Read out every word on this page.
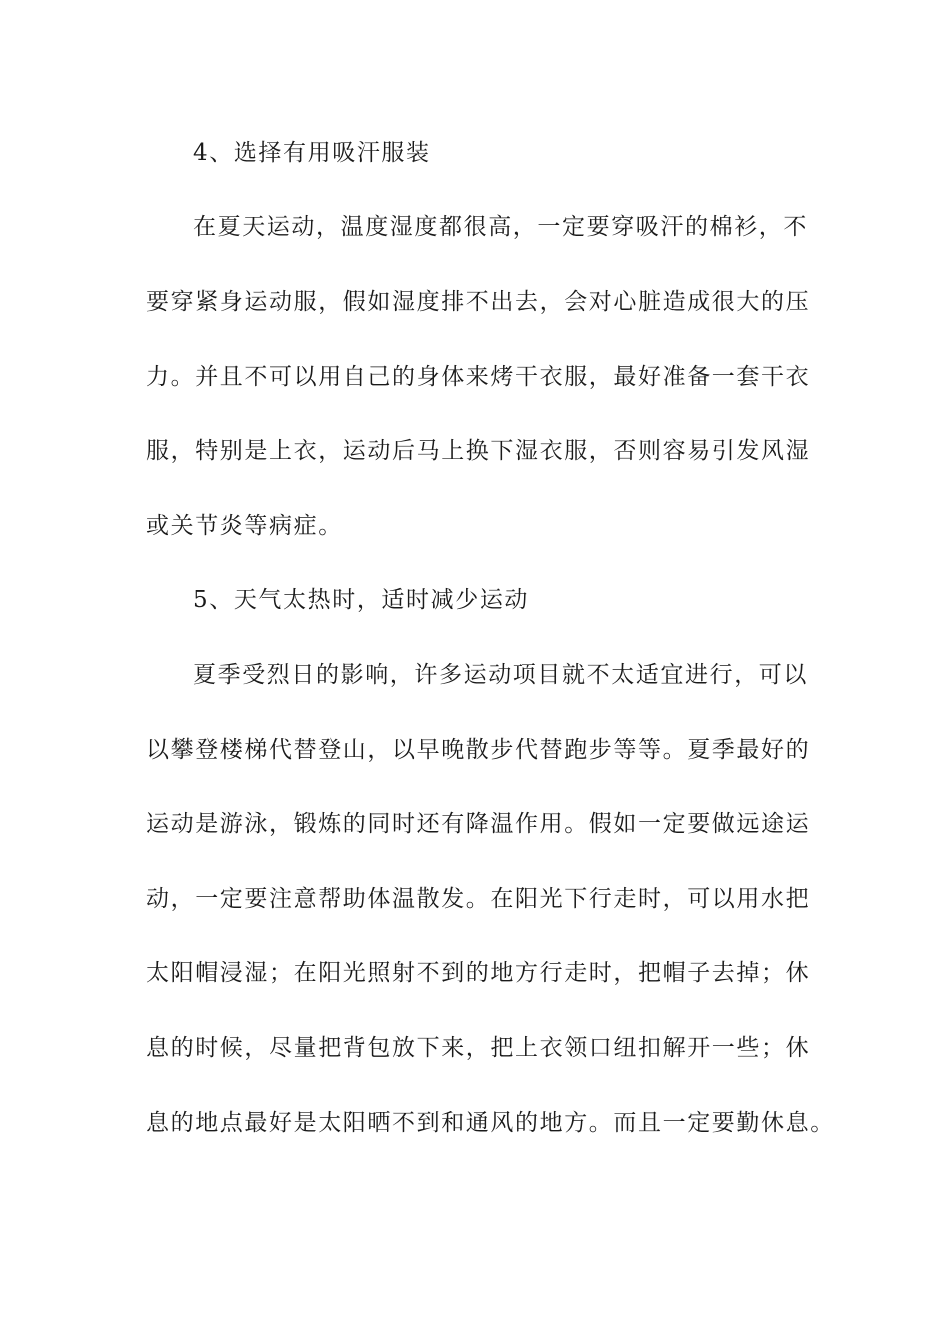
4、选择有用吸汗服装
在夏天运动，温度湿度都很高，一定要穿吸汗的棉衫，不
要穿紧身运动服，假如湿度排不出去，会对心脏造成很大的压
力。并且不可以用自己的身体来烤干衣服，最好准备一套干衣
服，特别是上衣，运动后马上换下湿衣服，否则容易引发风湿
或关节炎等病症。
5、天气太热时，适时减少运动
夏季受烈日的影响，许多运动项目就不太适宜进行，可以
以攀登楼梯代替登山，以早晚散步代替跑步等等。夏季最好的
运动是游泳，锻炼的同时还有降温作用。假如一定要做远途运
动，一定要注意帮助体温散发。在阳光下行走时，可以用水把
太阳帽浸湿；在阳光照射不到的地方行走时，把帽子去掉；休
息的时候，尽量把背包放下来，把上衣领口纽扣解开一些；休
息的地点最好是太阳晒不到和通风的地方。而且一定要勤休息。
